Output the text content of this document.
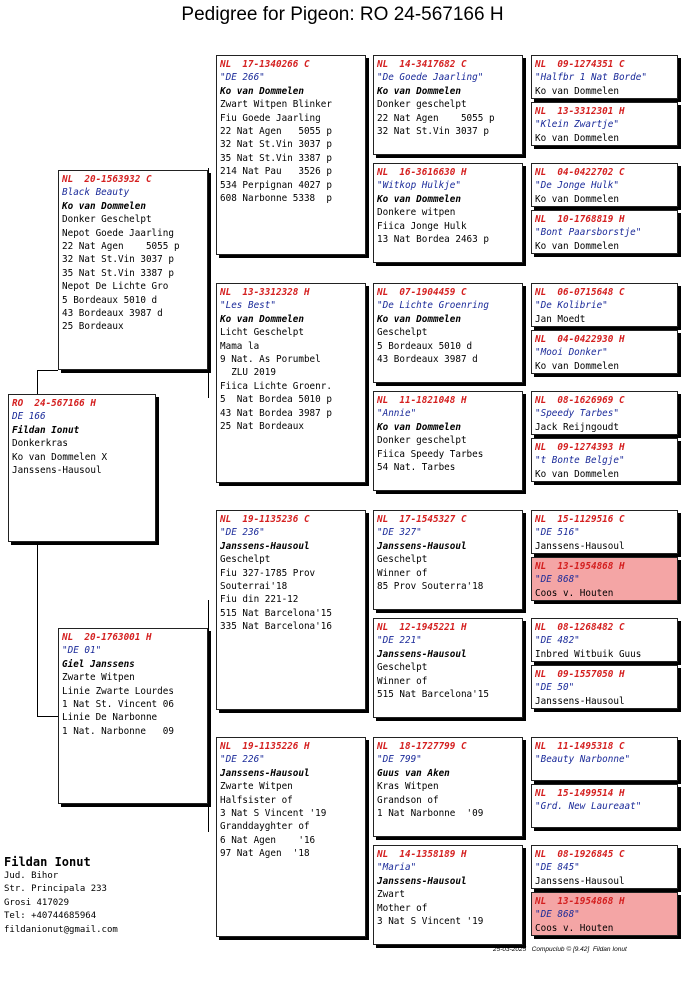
Pedigree for Pigeon: RO 24-567166 H
RO  24-567166 H
DE 166
Fildan Ionut
Donkerkras
Ko van Dommelen X
Janssens-Hausoul
NL  20-1563932 C
Black Beauty
Ko van Dommelen
Donker Geschelpt
Nepot Goede Jaarling
22 Nat Agen    5055 p
32 Nat St.Vin 3037 p
35 Nat St.Vin 3387 p
Nepot De Lichte Gro
5 Bordeaux 5010 d
43 Bordeaux 3987 d
25 Bordeaux
NL  20-1763001 H
"DE 01"
Giel Janssens
Zwarte Witpen
Linie Zwarte Lourdes
1 Nat St. Vincent 06
Linie De Narbonne
1 Nat. Narbonne   09
NL  17-1340266 C
"DE 266"
Ko van Dommelen
Zwart Witpen Blinker
Fiu Goede Jaarling
22 Nat Agen   5055 p
32 Nat St.Vin 3037 p
35 Nat St.Vin 3387 p
214 Nat Pau   3526 p
534 Perpignan 4027 p
608 Narbonne 5338  p
NL  13-3312328 H
"Les Best"
Ko van Dommelen
Licht Geschelpt
Mama la
9 Nat. As Porumbel
ZLU 2019
Fiica Lichte Groenr.
5  Nat Bordea 5010 p
43 Nat Bordea 3987 p
25 Nat Bordeaux
NL  19-1135236 C
"DE 236"
Janssens-Hausoul
Geschelpt
Fiu 327-1785 Prov
Souterrai'18
Fiu din 221-12
515 Nat Barcelona'15
335 Nat Barcelona'16
NL  19-1135226 H
"DE 226"
Janssens-Hausoul
Zwarte Witpen
Halfsister of
3 Nat S Vincent '19
Granddayghter of
6 Nat Agen    '16
97 Nat Agen  '18
NL  14-3417682 C
"De Goede Jaarling"
Ko van Dommelen
Donker geschelpt
22 Nat Agen    5055 p
32 Nat St.Vin 3037 p
NL  16-3616630 H
"Witkop Hulkje"
Ko van Dommelen
Donkere witpen
Fiica Jonge Hulk
13 Nat Bordea 2463 p
NL  07-1904459 C
"De Lichte Groenring
Ko van Dommelen
Geschelpt
5 Bordeaux 5010 d
43 Bordeaux 3987 d
NL  11-1821048 H
"Annie"
Ko van Dommelen
Donker geschelpt
Fiica Speedy Tarbes
54 Nat. Tarbes
NL  17-1545327 C
"DE 327"
Janssens-Hausoul
Geschelpt
Winner of
85 Prov Souterra'18
NL  12-1945221 H
"DE 221"
Janssens-Hausoul
Geschelpt
Winner of
515 Nat Barcelona'15
NL  18-1727799 C
"DE 799"
Guus van Aken
Kras Witpen
Grandson of
1 Nat Narbonne  '09
NL  14-1358189 H
"Maria"
Janssens-Hausoul
Zwart
Mother of
3 Nat S Vincent '19
NL  09-1274351 C
"Halfbr 1 Nat Borde"
Ko van Dommelen
NL  13-3312301 H
"Klein Zwartje"
Ko van Dommelen
NL  04-0422702 C
"De Jonge Hulk"
Ko van Dommelen
NL  10-1768819 H
"Bont Paarsborstje"
Ko van Dommelen
NL  06-0715648 C
"De Kolibrie"
Jan Moedt
NL  04-0422930 H
"Mooi Donker"
Ko van Dommelen
NL  08-1626969 C
"Speedy Tarbes"
Jack Reijngoudt
NL  09-1274393 H
"t Bonte Belgje"
Ko van Dommelen
NL  15-1129516 C
"DE 516"
Janssens-Hausoul
NL  13-1954868 H
"DE 868"
Coos v. Houten
NL  08-1268482 C
"DE 482"
Inbred Witbuik Guus
NL  09-1557050 H
"DE 50"
Janssens-Hausoul
NL  11-1495318 C
"Beauty Narbonne"
NL  15-1499514 H
"Grd. New Laureaat"
NL  08-1926845 C
"DE 845"
Janssens-Hausoul
NL  13-1954868 H
"DE 868"
Coos v. Houten
Fildan Ionut
Jud. Bihor
Str. Principala 233
Grosi 417029
Tel: +40744685964
fildanionut@gmail.com
25-03-2025   Compuclub © [9.42]  Fildan Ionut
